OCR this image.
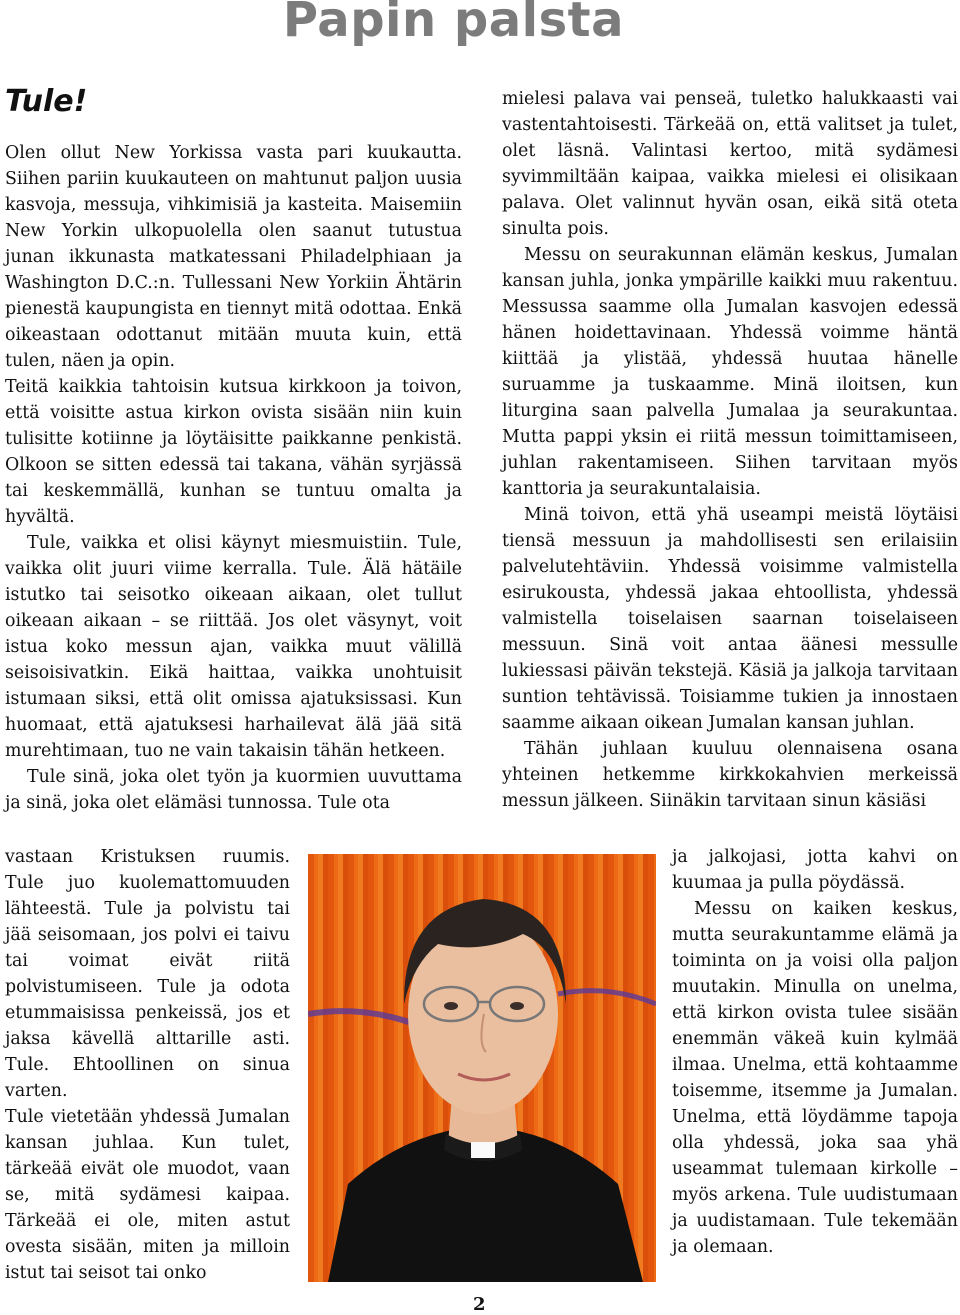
Papin palsta
Tule!

Olen ollut New Yorkissa vasta pari kuukautta. Siihen pariin kuukauteen on mahtunut paljon uusia kasvoja, messuja, vihkimisiä ja kasteita. Maisemiin New Yorkin ulkopuolella olen saanut tutustua junan ikkunasta matkatessani Philadelphiaan ja Washington D.C.:n. Tullessani New Yorkiin Ähtärin pienestä kaupungista en tiennyt mitä odottaa. Enkä oikeastaan odottanut mitään muuta kuin, että tulen, näen ja opin.

Teitä kaikkia tahtoisin kutsua kirkkoon ja toivon, että voisitte astua kirkon ovista sisään niin kuin tulisitte kotiinne ja löytäisitte paikkanne penkistä. Olkoon se sitten edessä tai takana, vähän syrjässä tai keskemmällä, kunhan se tuntuu omalta ja hyvältä.

Tule, vaikka et olisi käynyt miesmuistiin. Tule, vaikka olit juuri viime kerralla. Tule. Älä hätäile istutko tai seisotko oikeaan aikaan, olet tullut oikeaan aikaan – se riittää. Jos olet väsynyt, voit istua koko messun ajan, vaikka muut välillä seisoisivatkin. Eikä haittaa, vaikka unohtuisit istumaan siksi, että olit omissa ajatuksissasi. Kun huomaat, että ajatuksesi harhailevat älä jää sitä murehtimaan, tuo ne vain takaisin tähän hetkeen.

Tule sinä, joka olet työn ja kuormien uuvuttama ja sinä, joka olet elämäsi tunnossa. Tule ota

vastaan Kristuksen ruumis. Tule juo kuolemattomuuden lähteestä. Tule ja polvistu tai jää seisomaan, jos polvi ei taivu tai voimat eivät riitä polvistumiseen. Tule ja odota etummaisissa penkeissä, jos et jaksa kävellä alttarille asti. Tule. Ehtoollinen on sinua varten.

Tule vietetään yhdessä Jumalan kansan juhlaa. Kun tulet, tärkeää eivät ole muodot, vaan se, mitä sydämesi kaipaa. Tärkeää ei ole, miten astut ovesta sisään, miten ja milloin istut tai seisot tai onko

mielesi palava vai penseä, tuletko halukkaasti vai vastentahtoisesti. Tärkeää on, että valitset ja tulet, olet läsnä. Valintasi kertoo, mitä sydämesi syvimmiltään kaipaa, vaikka mielesi ei olisikaan palava. Olet valinnut hyvän osan, eikä sitä oteta sinulta pois.

Messu on seurakunnan elämän keskus, Jumalan kansan juhla, jonka ympärille kaikki muu rakentuu. Messussa saamme olla Jumalan kasvojen edessä hänen hoidettavinaan. Yhdessä voimme häntä kiittää ja ylistää, yhdessä huutaa hänelle suruamme ja tuskaamme. Minä iloitsen, kun liturgina saan palvella Jumalaa ja seurakuntaa. Mutta pappi yksin ei riitä messun toimittamiseen, juhlan rakentamiseen. Siihen tarvitaan myös kanttoria ja seurakuntalaisia.

Minä toivon, että yhä useampi meistä löytäisi tiensä messuun ja mahdollisesti sen erilaisiin palvelutehtäviin. Yhdessä voisimme valmistella esirukousta, yhdessä jakaa ehtoollista, yhdessä valmistella toiselaisen saarnan toiselaiseen messuun. Sinä voit antaa äänesi messulle lukiessasi päivän tekstejä. Käsiä ja jalkoja tarvitaan suntion tehtävissä. Toisiamme tukien ja innostaen saamme aikaan oikean Jumalan kansan juhlan.

Tähän juhlaan kuuluu olennaisena osana yhteinen hetkemme kirkkokahvien merkeissä messun jälkeen. Siinäkin tarvitaan sinun käsiäsi

ja jalkojasi, jotta kahvi on kuumaa ja pulla pöydässä.

Messu on kaiken keskus, mutta seurakuntamme elämä ja toiminta on ja voisi olla paljon muutakin. Minulla on unelma, että kirkon ovista tulee sisään enemmän väkeä kuin kylmää ilmaa. Unelma, että kohtaamme toisemme, itsemme ja Jumalan. Unelma, että löydämme tapoja olla yhdessä, joka saa yhä useammat tulemaan kirkolle – myös arkena. Tule uudistumaan ja uudistamaan. Tule tekemään ja olemaan.

2
